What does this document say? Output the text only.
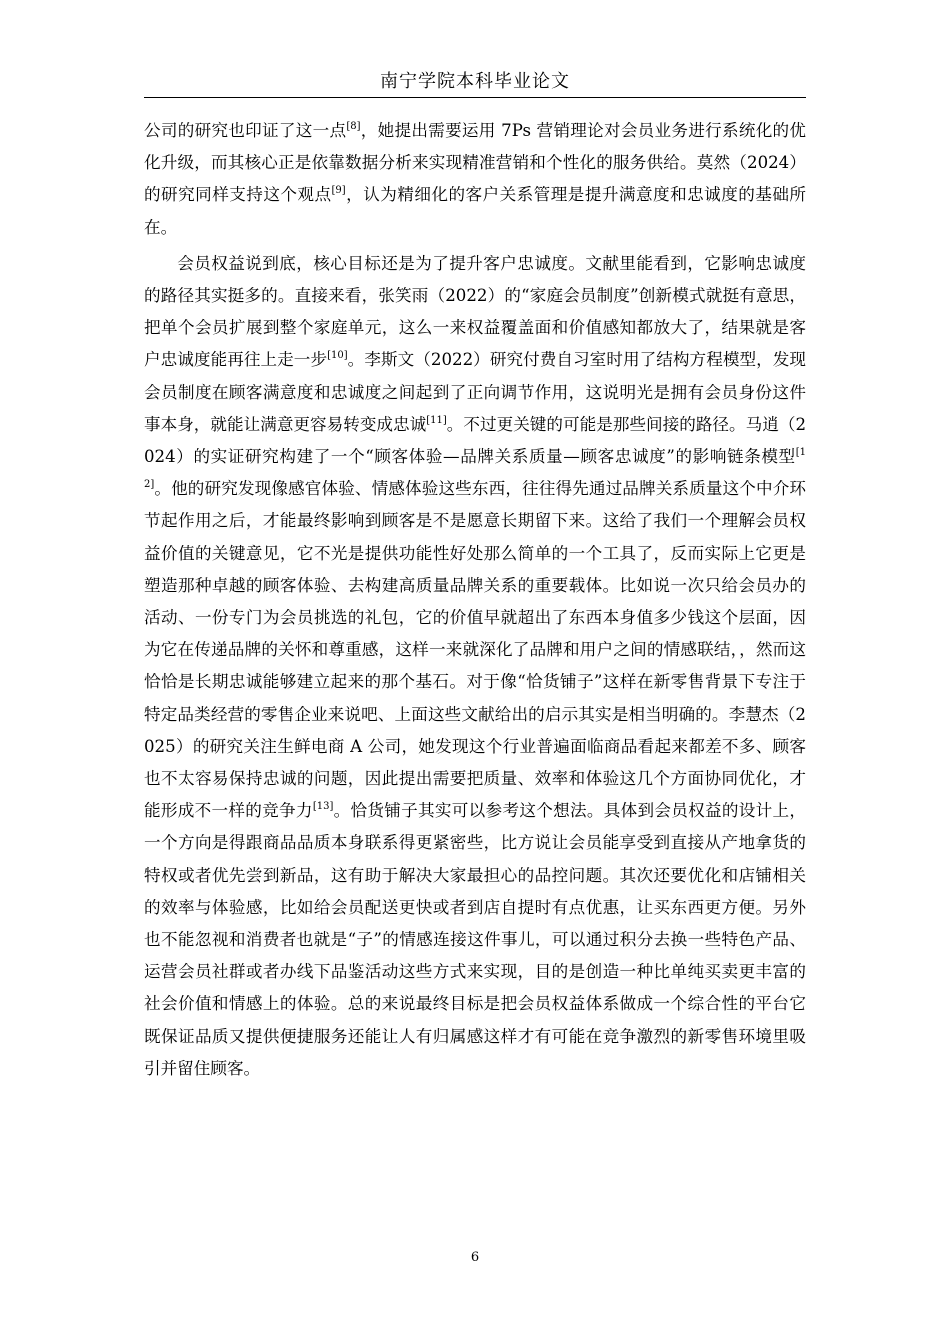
南宁学院本科毕业论文

公司的研究也印证了这一点[8]，她提出需要运用 7Ps 营销理论对会员业务进行系统化的优化升级，而其核心正是依靠数据分析来实现精准营销和个性化的服务供给。莫然（2024）的研究同样支持这个观点[9]，认为精细化的客户关系管理是提升满意度和忠诚度的基础所在。

会员权益说到底，核心目标还是为了提升客户忠诚度。文献里能看到，它影响忠诚度的路径其实挺多的。直接来看，张笑雨（2022）的“家庭会员制度”创新模式就挺有意思，把单个会员扩展到整个家庭单元，这么一来权益覆盖面和价值感知都放大了，结果就是客户忠诚度能再往上走一步[10]。李斯文（2022）研究付费自习室时用了结构方程模型，发现会员制度在顾客满意度和忠诚度之间起到了正向调节作用，这说明光是拥有会员身份这件事本身，就能让满意更容易转变成忠诚[11]。不过更关键的可能是那些间接的路径。马逍（2024）的实证研究构建了一个“顾客体验—品牌关系质量—顾客忠诚度”的影响链条模型[12]。他的研究发现像感官体验、情感体验这些东西，往往得先通过品牌关系质量这个中介环节起作用之后，才能最终影响到顾客是不是愿意长期留下来。这给了我们一个理解会员权益价值的关键意见，它不光是提供功能性好处那么简单的一个工具了，反而实际上它更是塑造那种卓越的顾客体验、去构建高质量品牌关系的重要载体。比如说一次只给会员办的活动、一份专门为会员挑选的礼包，它的价值早就超出了东西本身值多少钱这个层面，因为它在传递品牌的关怀和尊重感，这样一来就深化了品牌和用户之间的情感联结，，然而这恰恰是长期忠诚能够建立起来的那个基石。对于像“恰货铺子”这样在新零售背景下专注于特定品类经营的零售企业来说吧、上面这些文献给出的启示其实是相当明确的。李慧杰（2025）的研究关注生鲜电商 A 公司，她发现这个行业普遍面临商品看起来都差不多、顾客也不太容易保持忠诚的问题，因此提出需要把质量、效率和体验这几个方面协同优化，才能形成不一样的竞争力[13]。恰货铺子其实可以参考这个想法。具体到会员权益的设计上，一个方向是得跟商品品质本身联系得更紧密些，比方说让会员能享受到直接从产地拿货的特权或者优先尝到新品，这有助于解决大家最担心的品控问题。其次还要优化和店铺相关的效率与体验感，比如给会员配送更快或者到店自提时有点优惠，让买东西更方便。另外也不能忽视和消费者也就是“子”的情感连接这件事儿，可以通过积分去换一些特色产品、运营会员社群或者办线下品鉴活动这些方式来实现，目的是创造一种比单纯买卖更丰富的社会价值和情感上的体验。总的来说最终目标是把会员权益体系做成一个综合性的平台它既保证品质又提供便捷服务还能让人有归属感这样才有可能在竞争激烈的新零售环境里吸引并留住顾客。

6
